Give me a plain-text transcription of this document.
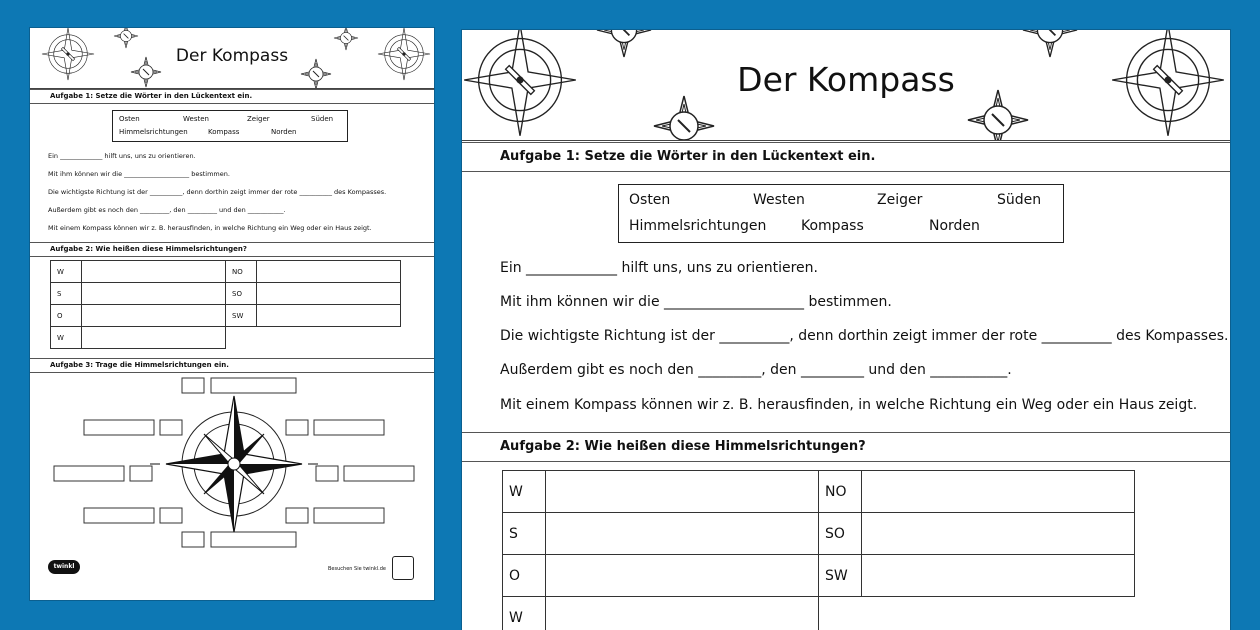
Der Kompass
Aufgabe 1: Setze die Wörter in den Lückentext ein.
Osten	Westen	Zeiger	Süden
Himmelsrichtungen	Kompass	Norden
Ein _____________ hilft uns, uns zu orientieren.
Mit ihm können wir die ____________________ bestimmen.
Die wichtigste Richtung ist der __________, denn dorthin zeigt immer der rote __________ des Kompasses.
Außerdem gibt es noch den _________, den _________ und den ___________.
Mit einem Kompass können wir z. B. herausfinden, in welche Richtung ein Weg oder ein Haus zeigt.
Aufgabe 2: Wie heißen diese Himmelsrichtungen?
W		NO	
S		SO	
O		SW	
W			
Aufgabe 3: Trage die Himmelsrichtungen ein.
twinkl	Besuchen Sie twinkl.de
Der Kompass
Aufgabe 1: Setze die Wörter in den Lückentext ein.
Osten	Westen	Zeiger	Süden
Himmelsrichtungen Kompass	Norden
Ein _____________ hilft uns, uns zu orientieren.
Mit ihm können wir die ____________________ bestimmen.
Die wichtigste Richtung ist der __________, denn dorthin zeigt immer der rote __________ des Kompasses.
Außerdem gibt es noch den _________, den _________ und den ___________.
Mit einem Kompass können wir z. B. herausfinden, in welche Richtung ein Weg oder ein Haus zeigt.
Aufgabe 2: Wie heißen diese Himmelsrichtungen?
W		NO	
S		SO	
O		SW	
W			
